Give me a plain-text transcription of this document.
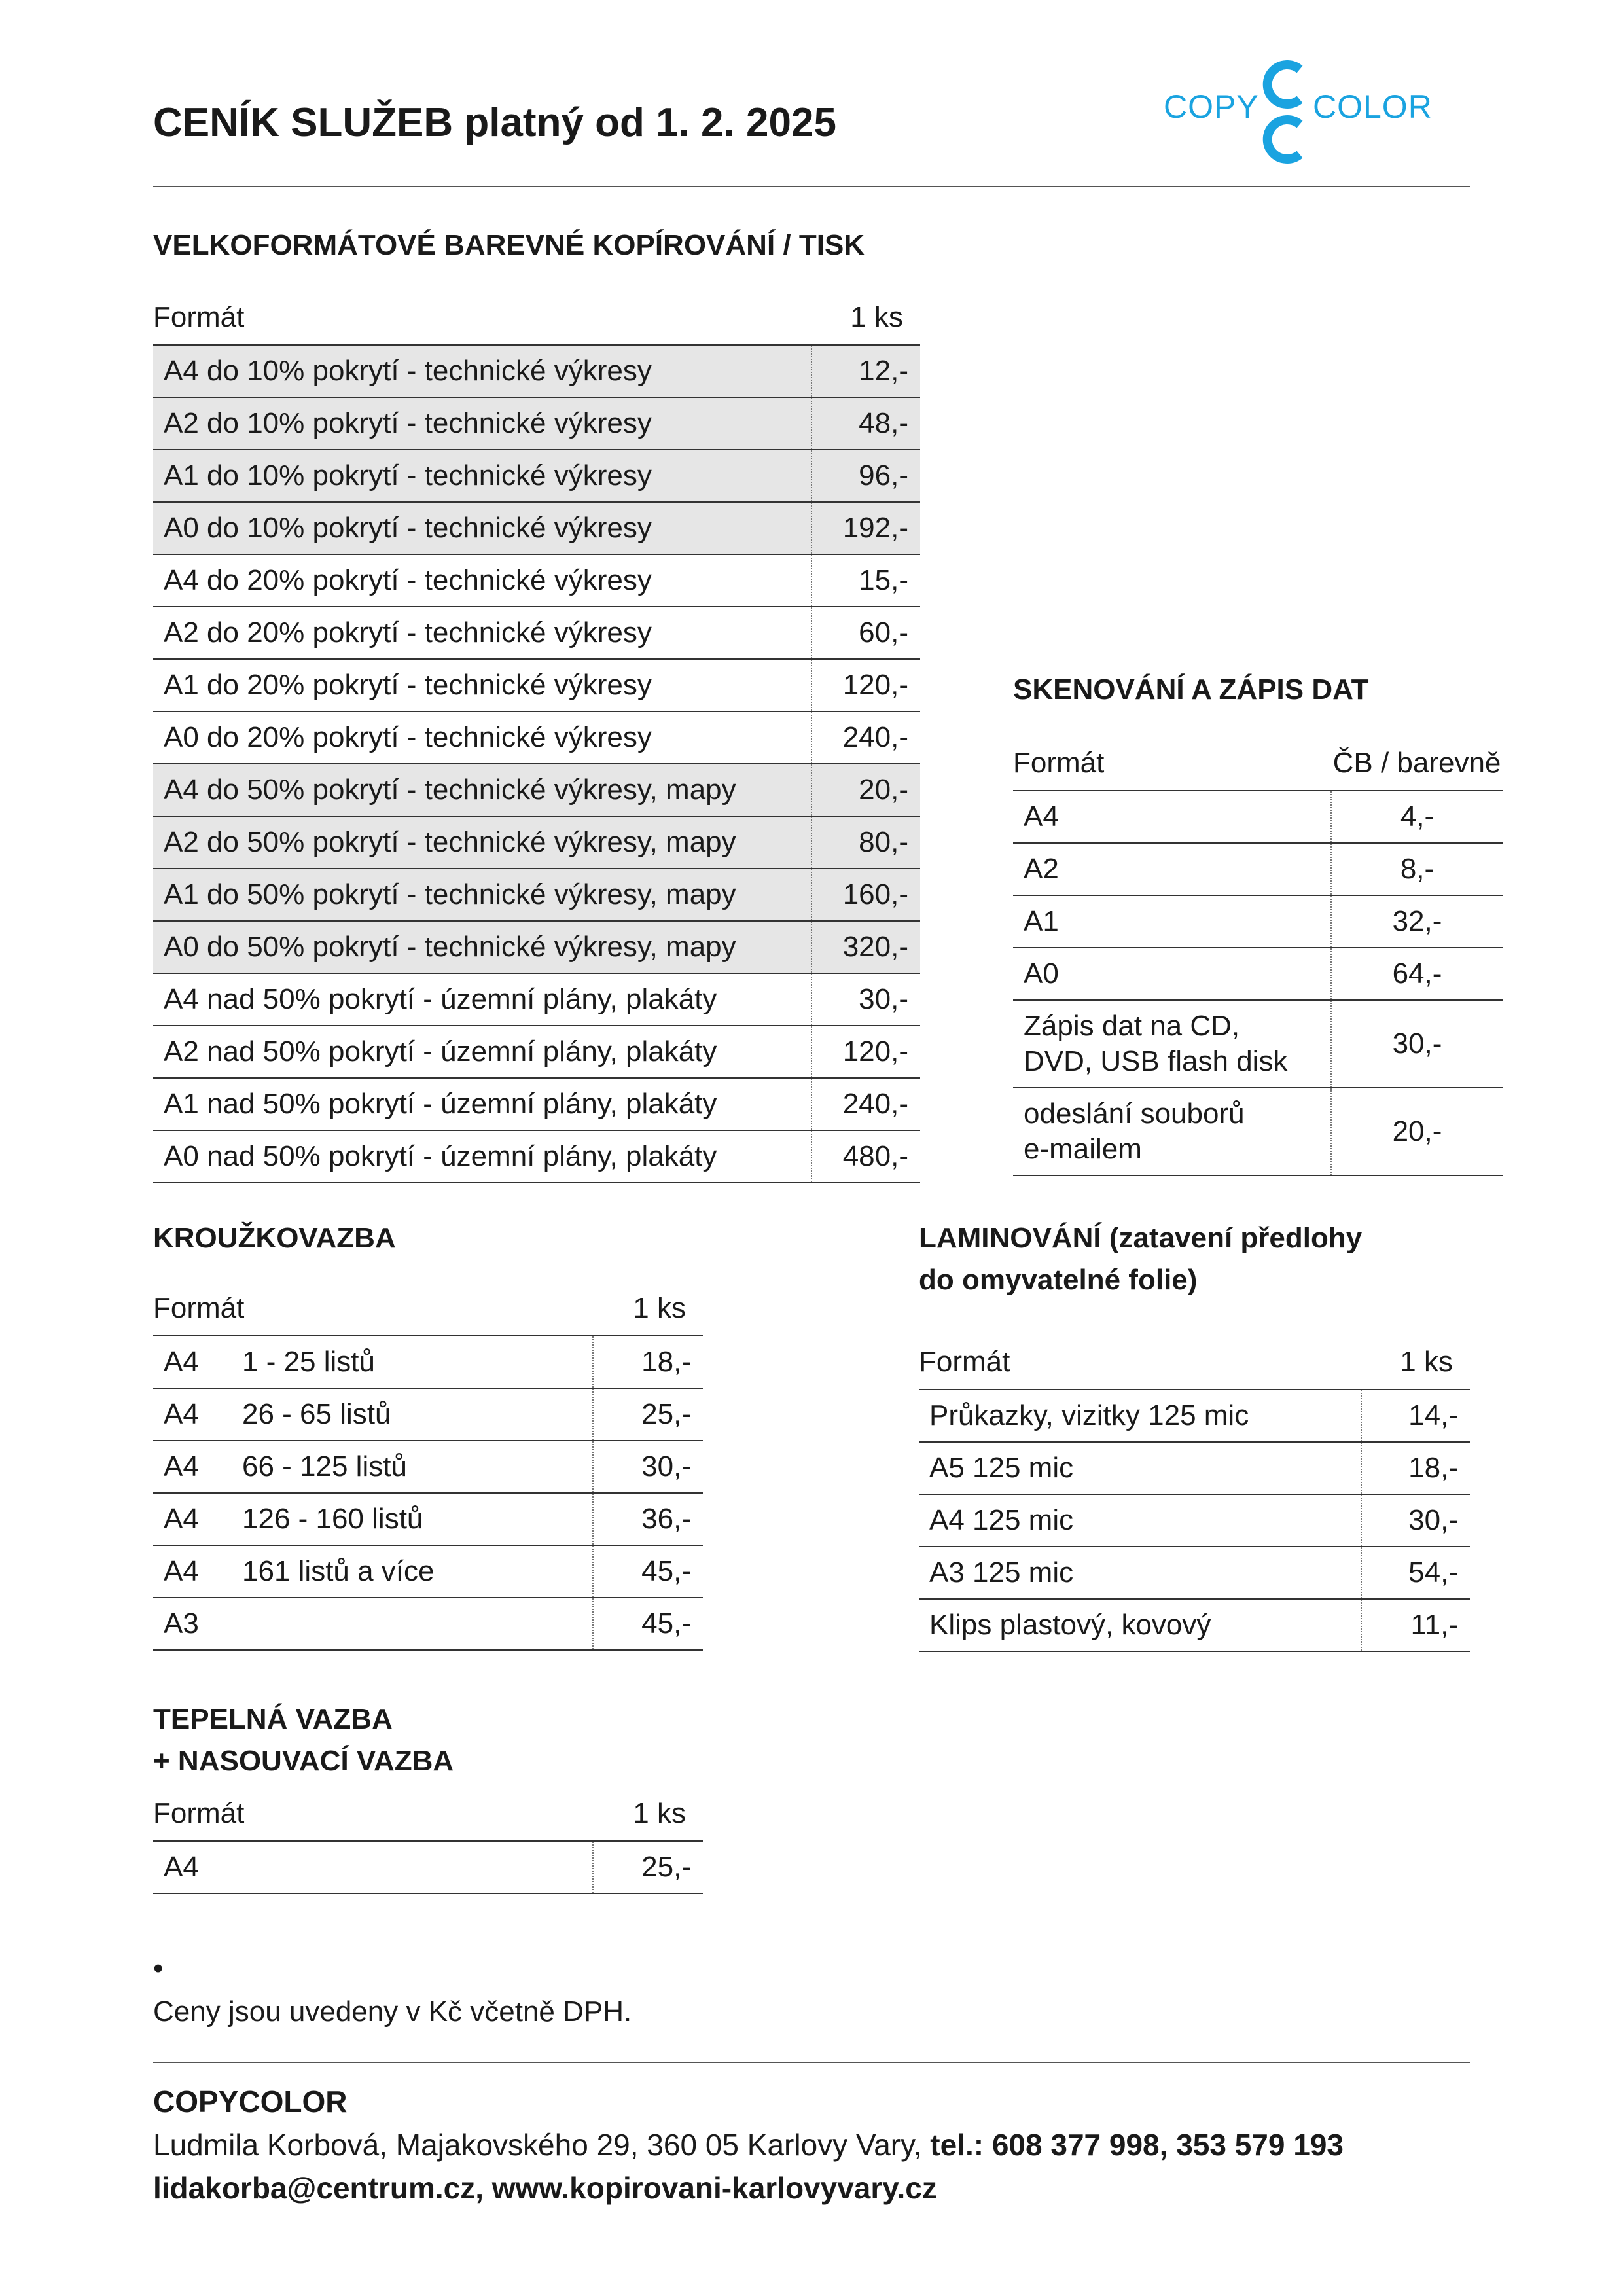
CENÍK SLUŽEB platný od 1. 2. 2025	COPY COLOR
VELKOFORMÁTOVÉ BAREVNÉ KOPÍROVÁNÍ / TISK
Formát	1 ks
A4 do 10% pokrytí - technické výkresy	12,-
A2 do 10% pokrytí - technické výkresy	48,-
A1 do 10% pokrytí - technické výkresy	96,-
A0 do 10% pokrytí - technické výkresy	192,-
A4 do 20% pokrytí - technické výkresy	15,-
A2 do 20% pokrytí - technické výkresy	60,-
A1 do 20% pokrytí - technické výkresy	120,-
A0 do 20% pokrytí - technické výkresy	240,-
A4 do 50% pokrytí - technické výkresy, mapy	20,-
A2 do 50% pokrytí - technické výkresy, mapy	80,-
A1 do 50% pokrytí - technické výkresy, mapy	160,-
A0 do 50% pokrytí - technické výkresy, mapy	320,-
A4 nad 50% pokrytí - územní plány, plakáty	30,-
A2 nad 50% pokrytí - územní plány, plakáty	120,-
A1 nad 50% pokrytí - územní plány, plakáty	240,-
A0 nad 50% pokrytí - územní plány, plakáty	480,-
SKENOVÁNÍ A ZÁPIS DAT
Formát	ČB / barevně
A4	4,-
A2	8,-
A1	32,-
A0	64,-

Zápis dat na CD,
DVD, USB flash disk	30,-

odeslání souborů
e-mailem	20,-
KROUŽKOVAZBA
Formát	1 ks
A4 1 - 25 listů	18,-
A4 26 - 65 listů	25,-
A4 66 - 125 listů	30,-
A4 126 - 160 listů	36,-
A4 161 listů a více	45,-
A3	45,-
LAMINOVÁNÍ (zatavení předlohy
do omyvatelné folie)
Formát	1 ks
Průkazky, vizitky 125 mic	14,-
A5 125 mic	18,-
A4 125 mic	30,-
A3 125 mic	54,-
Klips plastový, kovový	11,-
TEPELNÁ VAZBA
+ NASOUVACÍ VAZBA
Formát	1 ks
A4	25,-
•
Ceny jsou uvedeny v Kč včetně DPH.
COPYCOLOR
Ludmila Korbová, Majakovského 29, 360 05 Karlovy Vary, tel.: 608 377 998, 353 579 193
lidakorba@centrum.cz, www.kopirovani-karlovyvary.cz
